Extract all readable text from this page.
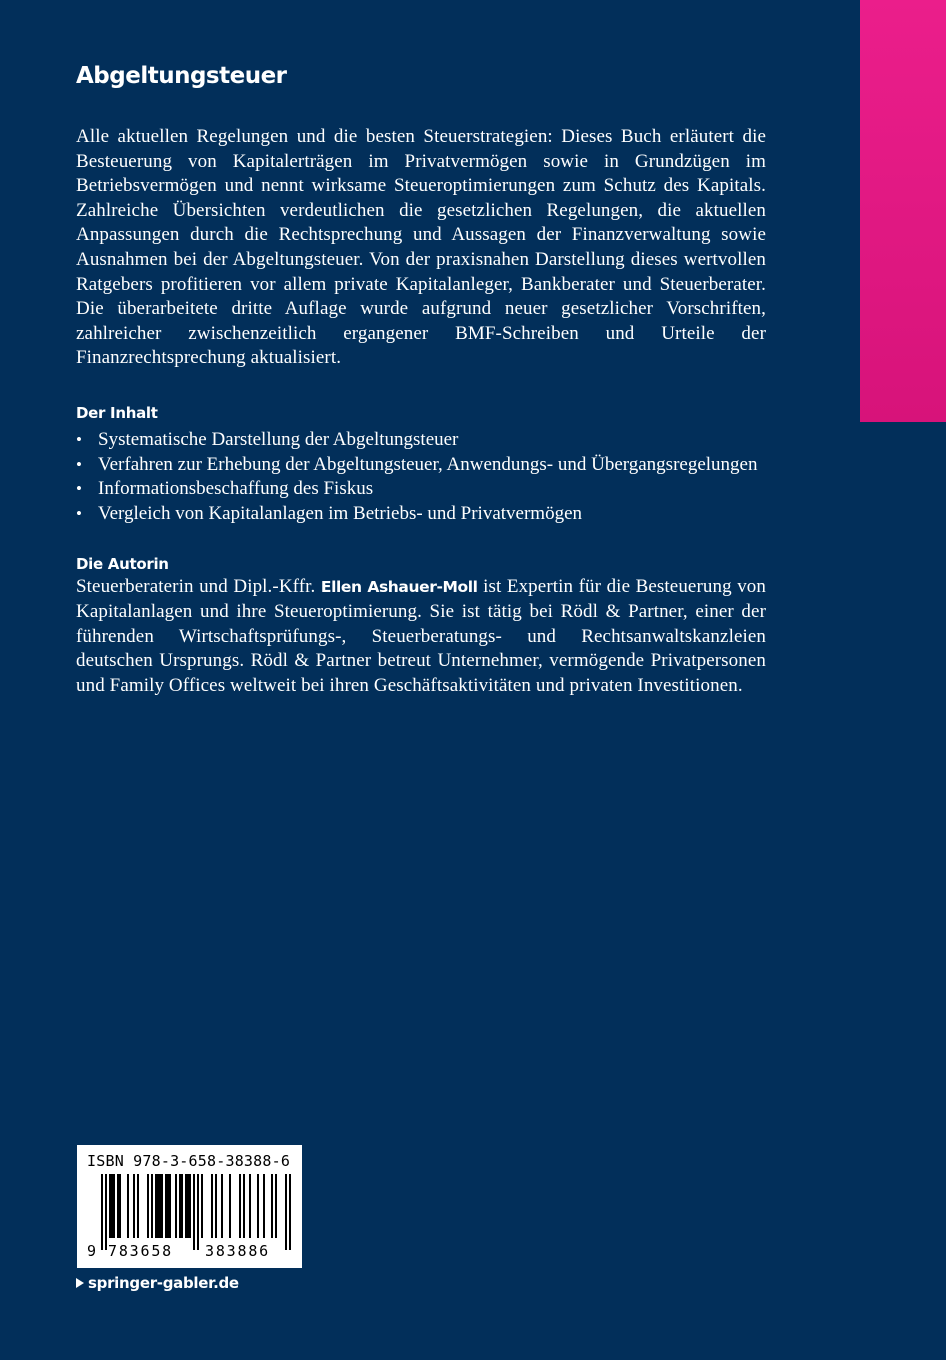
Abgeltungsteuer

Alle aktuellen Regelungen und die besten Steuerstrategien: Dieses Buch erläutert die Besteuerung von Kapitalerträgen im Privatvermögen sowie in Grundzügen im Betriebsvermögen und nennt wirksame Steueroptimierungen zum Schutz des Kapitals. Zahlreiche Übersichten verdeutlichen die gesetzlichen Regelungen, die aktuellen Anpassungen durch die Rechtsprechung und Aussagen der Finanzverwaltung sowie Ausnahmen bei der Abgeltungsteuer. Von der praxisnahen Darstellung dieses wertvollen Ratgebers profitieren vor allem private Kapitalanleger, Bankberater und Steuerberater. Die überarbeitete dritte Auflage wurde aufgrund neuer gesetzlicher Vorschriften, zahlreicher zwischenzeitlich ergangener BMF-Schreiben und Urteile der Finanzrechtsprechung aktualisiert.

Der Inhalt
• Systematische Darstellung der Abgeltungsteuer
• Verfahren zur Erhebung der Abgeltungsteuer, Anwendungs- und Übergangsregelungen
• Informationsbeschaffung des Fiskus
• Vergleich von Kapitalanlagen im Betriebs- und Privatvermögen
Die Autorin

Steuerberaterin und Dipl.-Kffr. Ellen Ashauer-Moll ist Expertin für die Besteuerung von Kapitalanlagen und ihre Steueroptimierung. Sie ist tätig bei Rödl & Partner, einer der führenden Wirtschaftsprüfungs-, Steuerberatungs- und Rechtsanwaltskanzleien deutschen Ursprungs. Rödl & Partner betreut Unternehmer, vermögende Privatpersonen und Family Offices weltweit bei ihren Geschäftsaktivitäten und privaten Investitionen.

ISBN 978-3-658-38388-6
9 783658 383886
springer-gabler.de
